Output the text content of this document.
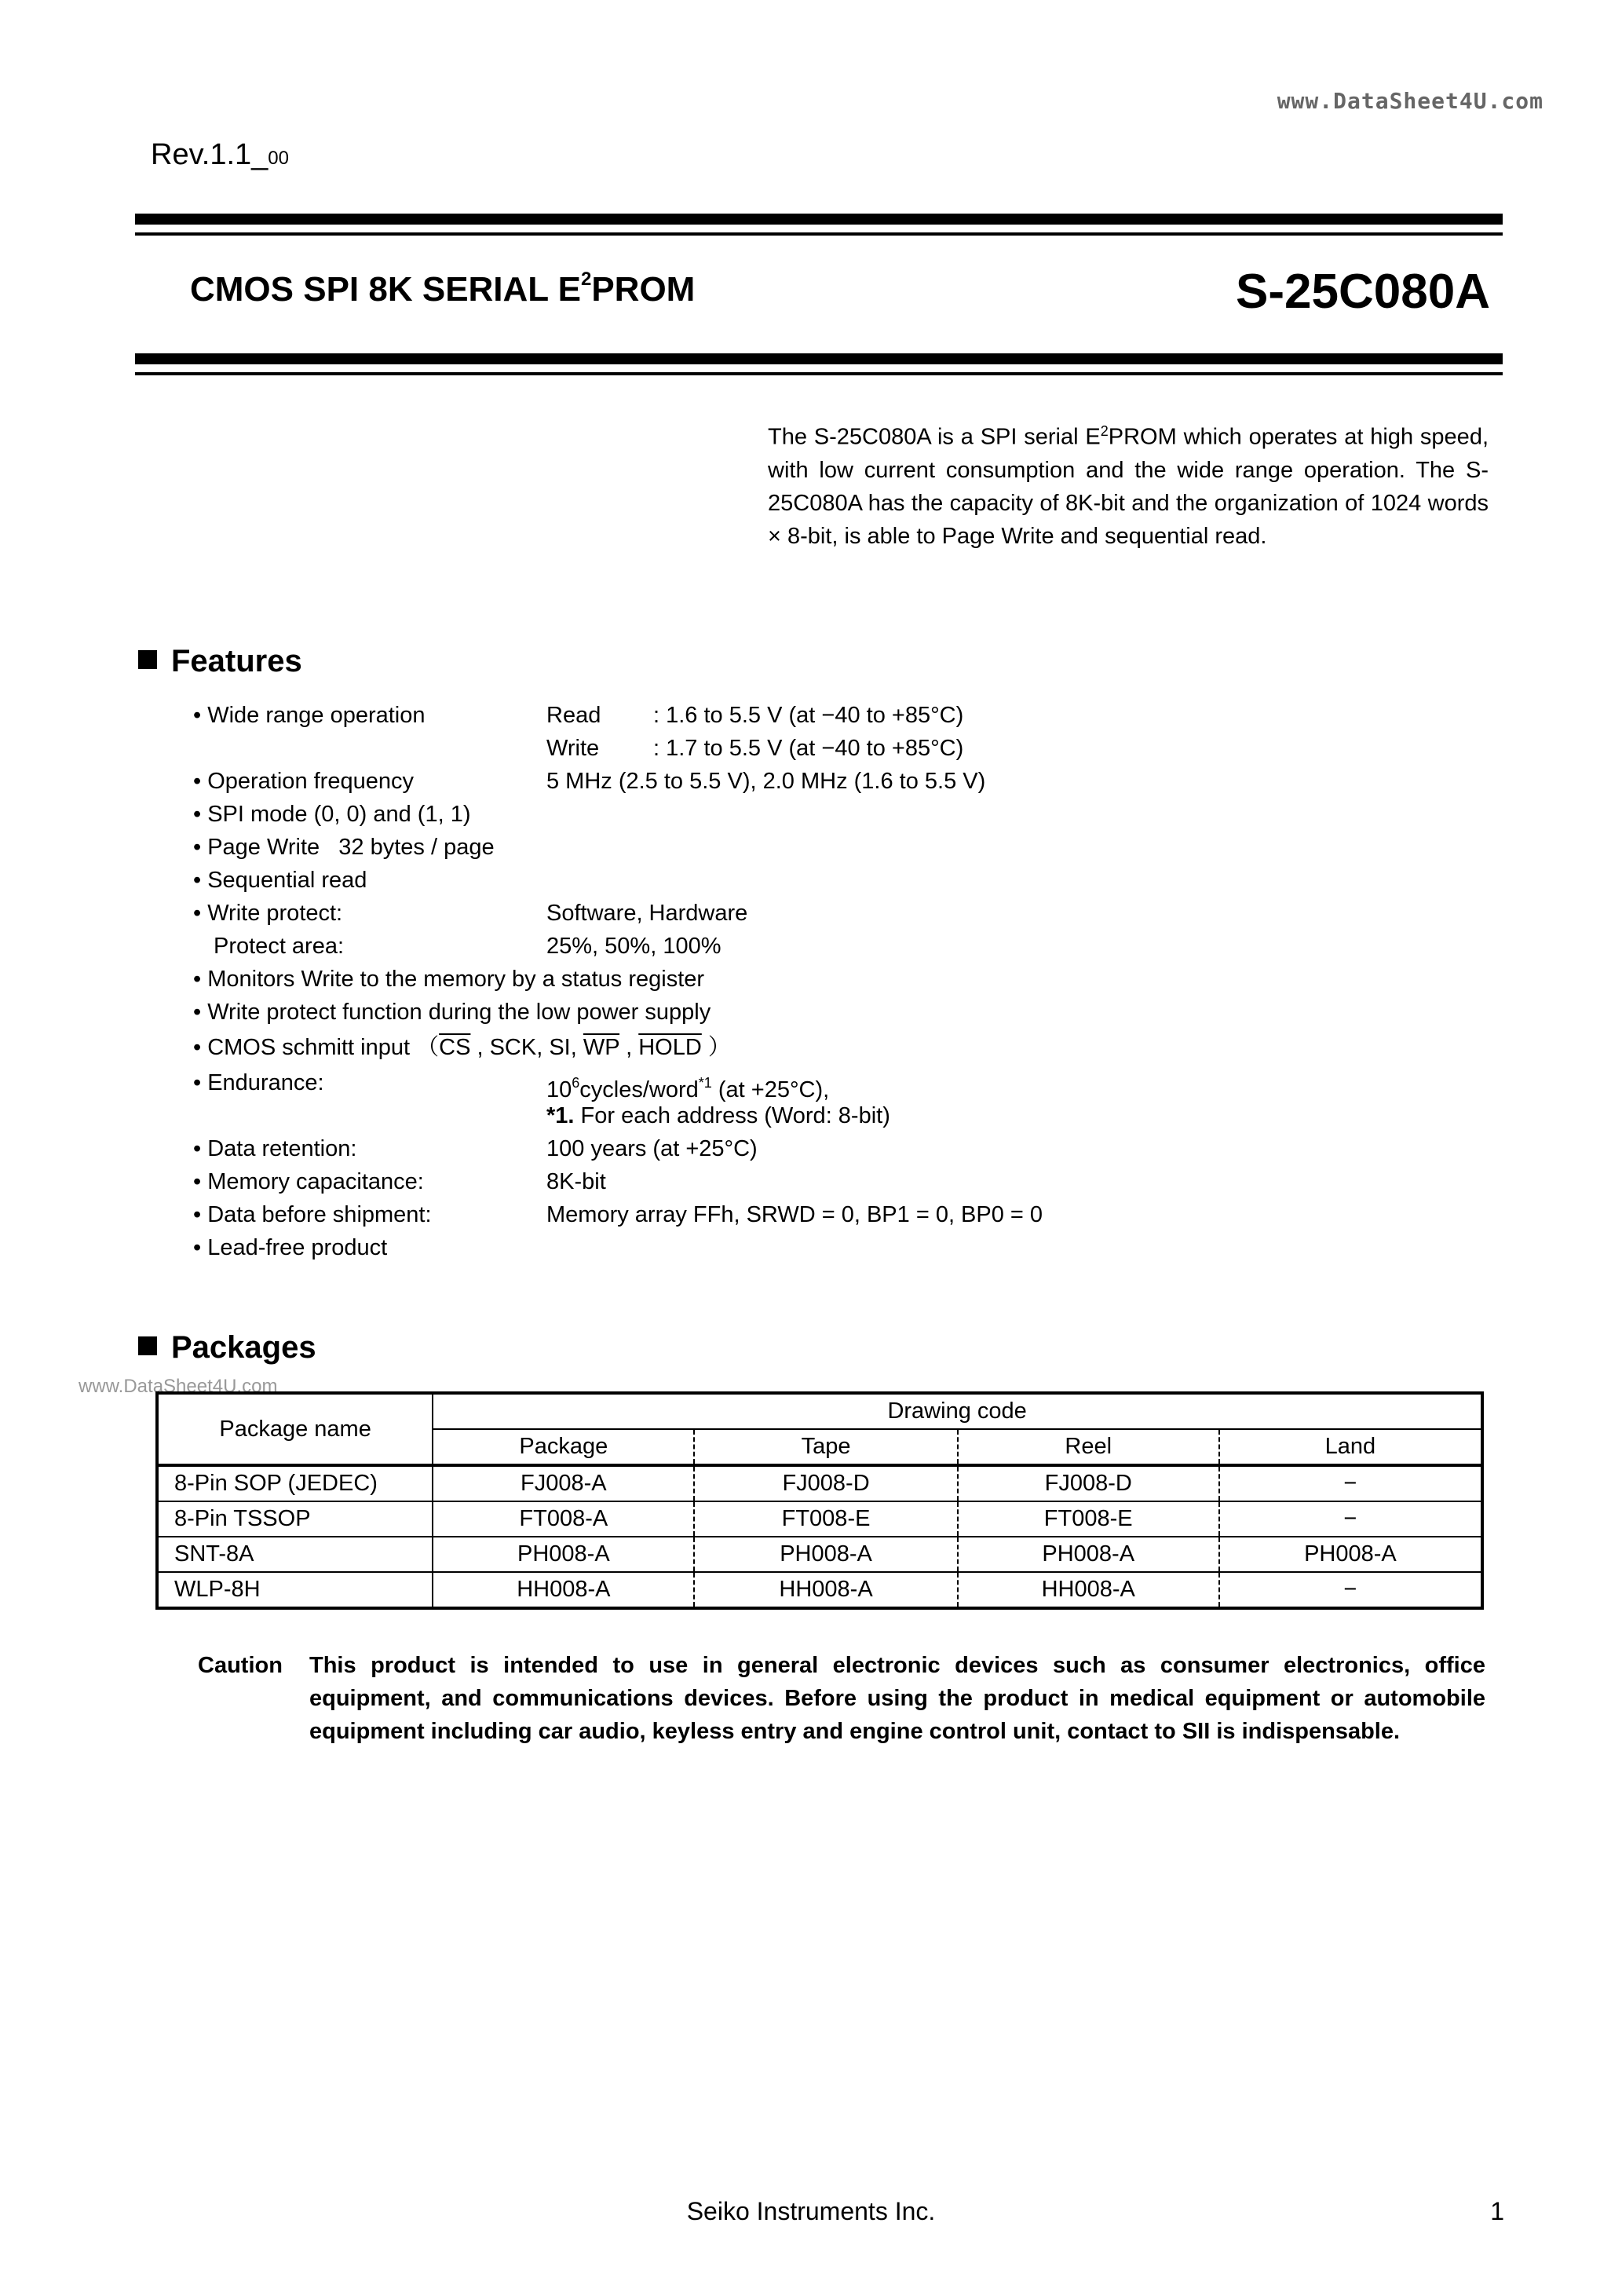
www.DataSheet4U.com
Rev.1.1_00
CMOS SPI 8K SERIAL $E^2PROM$	S-25C080A
The S-25C080A is a SPI serial $E^2PROM$ which operates at high speed, with low current consumption and the wide range operation. The S-25C080A has the capacity of 8K-bit and the organization of 1024 words × 8-bit, is able to Page Write and sequential read.
Features
• Wide range operation	Read : 1.6 to 5.5 V (at −40 to +85°C)
Write : 1.7 to 5.5 V (at −40 to +85°C)
• Operation frequency	5 MHz (2.5 to 5.5 V), 2.0 MHz (1.6 to 5.5 V)
• SPI mode (0, 0) and (1, 1)
• Page Write   32 bytes / page
• Sequential read
• Write protect:	Software, Hardware
Protect area:	25%, 50%, 100%
• Monitors Write to the memory by a status register
• Write protect function during the low power supply
• CMOS schmitt input （$\overline{CS}$ , SCK, SI, $\overline{WP}$ , HOLD ）
• Endurance:	$10^6cycles/word^{*1}$ (at +25°C),
*1. For each address (Word: 8-bit)
• Data retention:	100 years (at +25°C)
• Memory capacitance:	8K-bit
• Data before shipment:	Memory array FFh, SRWD = 0, BP1 = 0, BP0 = 0
• Lead-free product
Packages
www.DataSheet4U.com
Package name	Drawing code			
	Package	Tape	Reel	Land
8-Pin SOP (JEDEC)	FJ008-A	FJ008-D	FJ008-D	−
8-Pin TSSOP	FT008-A	FT008-E	FT008-E	−
SNT-8A	PH008-A	PH008-A	PH008-A	PH008-A
WLP-8H	HH008-A	HH008-A	HH008-A	−
Caution This product is intended to use in general electronic devices such as consumer electronics, office equipment, and communications devices. Before using the product in medical equipment or automobile equipment including car audio, keyless entry and engine control unit, contact to SII is indispensable.
Seiko Instruments Inc.	1
